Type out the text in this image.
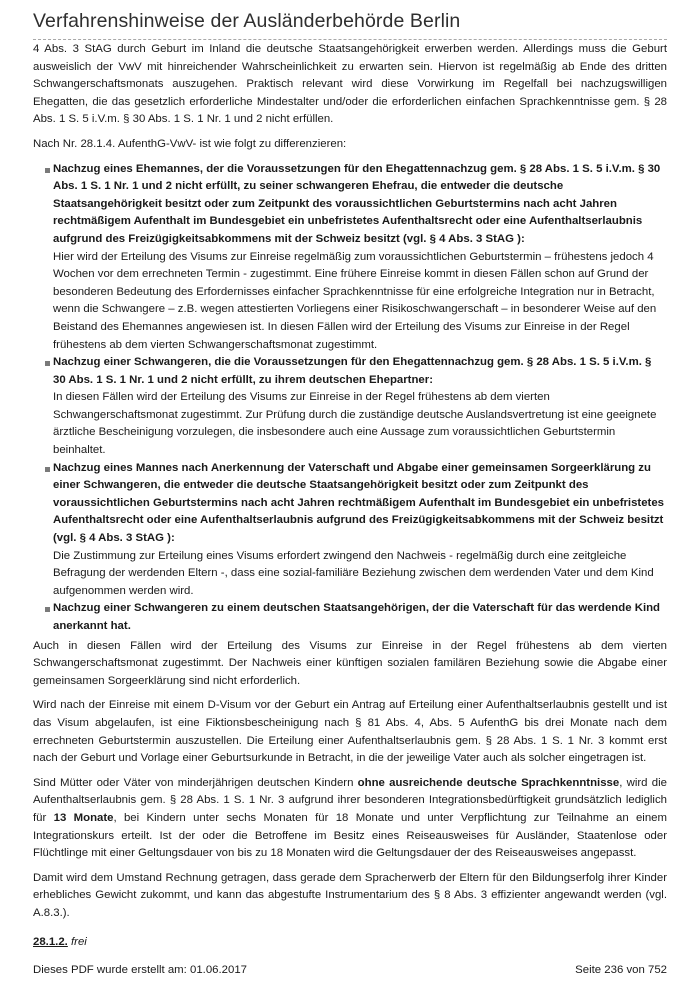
Verfahrenshinweise der Ausländerbehörde Berlin

4 Abs. 3 StAG durch Geburt im Inland die deutsche Staatsangehörigkeit erwerben werden. Allerdings muss die Geburt ausweislich der VwV mit hinreichender Wahrscheinlichkeit zu erwarten sein. Hiervon ist regelmäßig ab Ende des dritten Schwangerschaftsmonats auszugehen. Praktisch relevant wird diese Vorwirkung im Regelfall bei nachzugswilligen Ehegatten, die das gesetzlich erforderliche Mindestalter und/oder die erforderlichen einfachen Sprachkenntnisse gem. § 28 Abs. 1 S. 5 i.V.m. § 30 Abs. 1 S. 1 Nr. 1 und 2 nicht erfüllen.

Nach Nr. 28.1.4. AufenthG-VwV- ist wie folgt zu differenzieren:

Nachzug eines Ehemannes, der die Voraussetzungen für den Ehegattennachzug gem. § 28 Abs. 1 S. 5 i.V.m. § 30 Abs. 1 S. 1 Nr. 1 und 2 nicht erfüllt, zu seiner schwangeren Ehefrau, die entweder die deutsche Staatsangehörigkeit besitzt oder zum Zeitpunkt des voraussichtlichen Geburtstermins nach acht Jahren rechtmäßigem Aufenthalt im Bundesgebiet ein unbefristetes Aufenthaltsrecht oder eine Aufenthaltserlaubnis aufgrund des Freizügigkeitsabkommens mit der Schweiz besitzt (vgl. § 4 Abs. 3 StAG ):
Hier wird der Erteilung des Visums zur Einreise regelmäßig zum voraussichtlichen Geburtstermin – frühestens jedoch 4 Wochen vor dem errechneten Termin - zugestimmt. Eine frühere Einreise kommt in diesen Fällen schon auf Grund der besonderen Bedeutung des Erfordernisses einfacher Sprachkenntnisse für eine erfolgreiche Integration nur in Betracht, wenn die Schwangere – z.B. wegen attestierten Vorliegens einer Risikoschwangerschaft – in besonderer Weise auf den Beistand des Ehemannes angewiesen ist. In diesen Fällen wird der Erteilung des Visums zur Einreise in der Regel frühestens ab dem vierten Schwangerschaftsmonat zugestimmt.
Nachzug einer Schwangeren, die die Voraussetzungen für den Ehegattennachzug gem. § 28 Abs. 1 S. 5 i.V.m. § 30 Abs. 1 S. 1 Nr. 1 und 2 nicht erfüllt, zu ihrem deutschen Ehepartner:
In diesen Fällen wird der Erteilung des Visums zur Einreise in der Regel frühestens ab dem vierten Schwangerschaftsmonat zugestimmt. Zur Prüfung durch die zuständige deutsche Auslandsvertretung ist eine geeignete ärztliche Bescheinigung vorzulegen, die insbesondere auch eine Aussage zum voraussichtlichen Geburtstermin beinhaltet.
Nachzug eines Mannes nach Anerkennung der Vaterschaft und Abgabe einer gemeinsamen Sorgeerklärung zu einer Schwangeren, die entweder die deutsche Staatsangehörigkeit besitzt oder zum Zeitpunkt des voraussichtlichen Geburtstermins nach acht Jahren rechtmäßigem Aufenthalt im Bundesgebiet ein unbefristetes Aufenthaltsrecht oder eine Aufenthaltserlaubnis aufgrund des Freizügigkeitsabkommens mit der Schweiz besitzt (vgl. § 4 Abs. 3 StAG ):
Die Zustimmung zur Erteilung eines Visums erfordert zwingend den Nachweis - regelmäßig durch eine zeitgleiche Befragung der werdenden Eltern -, dass eine sozial-familiäre Beziehung zwischen dem werdenden Vater und dem Kind aufgenommen werden wird.
Nachzug einer Schwangeren zu einem deutschen Staatsangehörigen, der die Vaterschaft für das werdende Kind anerkannt hat.

Auch in diesen Fällen wird der Erteilung des Visums zur Einreise in der Regel frühestens ab dem vierten Schwangerschaftsmonat zugestimmt. Der Nachweis einer künftigen sozialen familären Beziehung sowie die Abgabe einer gemeinsamen Sorgeerklärung sind nicht erforderlich.

Wird nach der Einreise mit einem D-Visum vor der Geburt ein Antrag auf Erteilung einer Aufenthaltserlaubnis gestellt und ist das Visum abgelaufen, ist eine Fiktionsbescheinigung nach § 81 Abs. 4, Abs. 5 AufenthG bis drei Monate nach dem errechneten Geburtstermin auszustellen. Die Erteilung einer Aufenthaltserlaubnis gem. § 28 Abs. 1 S. 1 Nr. 3 kommt erst nach der Geburt und Vorlage einer Geburtsurkunde in Betracht, in die der jeweilige Vater auch als solcher eingetragen ist.

Sind Mütter oder Väter von minderjährigen deutschen Kindern ohne ausreichende deutsche Sprachkenntnisse, wird die Aufenthaltserlaubnis gem. § 28 Abs. 1 S. 1 Nr. 3 aufgrund ihrer besonderen Integrationsbedürftigkeit grundsätzlich lediglich für 13 Monate, bei Kindern unter sechs Monaten für 18 Monate und unter Verpflichtung zur Teilnahme an einem Integrationskurs erteilt. Ist der oder die Betroffene im Besitz eines Reiseausweises für Ausländer, Staatenlose oder Flüchtlinge mit einer Geltungsdauer von bis zu 18 Monaten wird die Geltungsdauer der des Reiseausweises angepasst.

Damit wird dem Umstand Rechnung getragen, dass gerade dem Spracherwerb der Eltern für den Bildungserfolg ihrer Kinder erhebliches Gewicht zukommt, und kann das abgestufte Instrumentarium des § 8 Abs. 3 effizienter angewandt werden (vgl. A.8.3.).

28.1.2. frei
Dieses PDF wurde erstellt am: 01.06.2017	Seite 236 von 752
